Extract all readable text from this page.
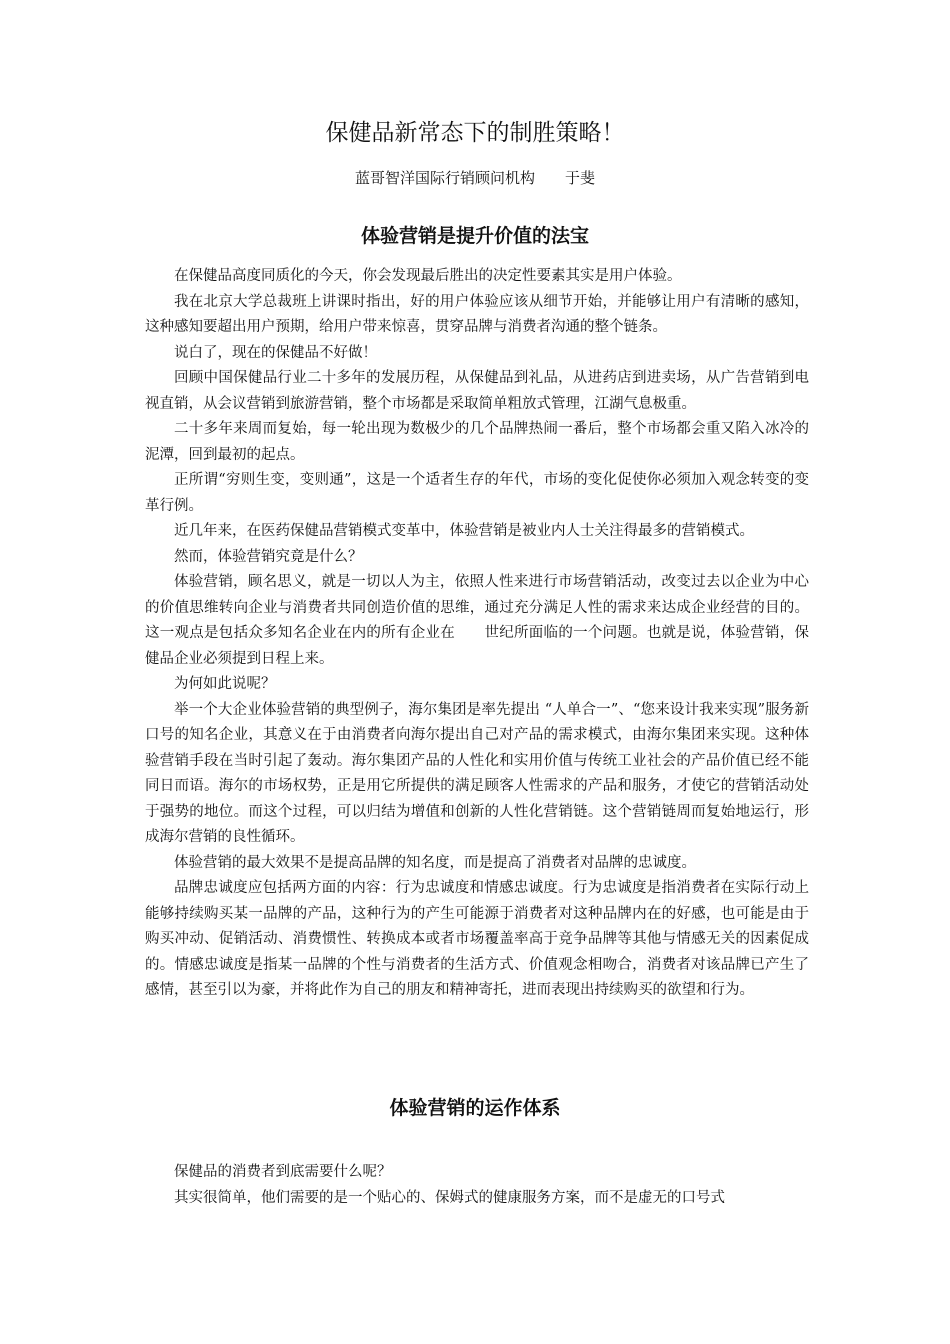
保健品新常态下的制胜策略！
蓝哥智洋国际行销顾问机构 于斐
体验营销是提升价值的法宝

在保健品高度同质化的今天，你会发现最后胜出的决定性要素其实是用户体验。

我在北京大学总裁班上讲课时指出，好的用户体验应该从细节开始，并能够让用户有清晰的感知，这种感知要超出用户预期，给用户带来惊喜，贯穿品牌与消费者沟通的整个链条。

说白了，现在的保健品不好做！

回顾中国保健品行业二十多年的发展历程，从保健品到礼品，从进药店到进卖场，从广告营销到电视直销，从会议营销到旅游营销，整个市场都是采取简单粗放式管理，江湖气息极重。

二十多年来周而复始，每一轮出现为数极少的几个品牌热闹一番后，整个市场都会重又陷入冰冷的泥潭，回到最初的起点。

正所谓“穷则生变，变则通”，这是一个适者生存的年代，市场的变化促使你必须加入观念转变的变革行例。

近几年来，在医药保健品营销模式变革中，体验营销是被业内人士关注得最多的营销模式。

然而，体验营销究竟是什么？

体验营销，顾名思义，就是一切以人为主，依照人性来进行市场营销活动，改变过去以企业为中心的价值思维转向企业与消费者共同创造价值的思维，通过充分满足人性的需求来达成企业经营的目的。这一观点是包括众多知名企业在内的所有企业在　　世纪所面临的一个问题。也就是说，体验营销，保健品企业必须提到日程上来。

为何如此说呢？

举一个大企业体验营销的典型例子，海尔集团是率先提出 “人单合一”、“您来设计我来实现”服务新口号的知名企业，其意义在于由消费者向海尔提出自己对产品的需求模式，由海尔集团来实现。这种体验营销手段在当时引起了轰动。海尔集团产品的人性化和实用价值与传统工业社会的产品价值已经不能同日而语。海尔的市场权势，正是用它所提供的满足顾客人性需求的产品和服务，才使它的营销活动处于强势的地位。而这个过程，可以归结为增值和创新的人性化营销链。这个营销链周而复始地运行，形成海尔营销的良性循环。

体验营销的最大效果不是提高品牌的知名度，而是提高了消费者对品牌的忠诚度。

品牌忠诚度应包括两方面的内容：行为忠诚度和情感忠诚度。行为忠诚度是指消费者在实际行动上能够持续购买某一品牌的产品，这种行为的产生可能源于消费者对这种品牌内在的好感，也可能是由于购买冲动、促销活动、消费惯性、转换成本或者市场覆盖率高于竞争品牌等其他与情感无关的因素促成的。情感忠诚度是指某一品牌的个性与消费者的生活方式、价值观念相吻合，消费者对该品牌已产生了感情，甚至引以为豪，并将此作为自己的朋友和精神寄托，进而表现出持续购买的欲望和行为。

体验营销的运作体系

保健品的消费者到底需要什么呢？

其实很简单，他们需要的是一个贴心的、保姆式的健康服务方案，而不是虚无的口号式
